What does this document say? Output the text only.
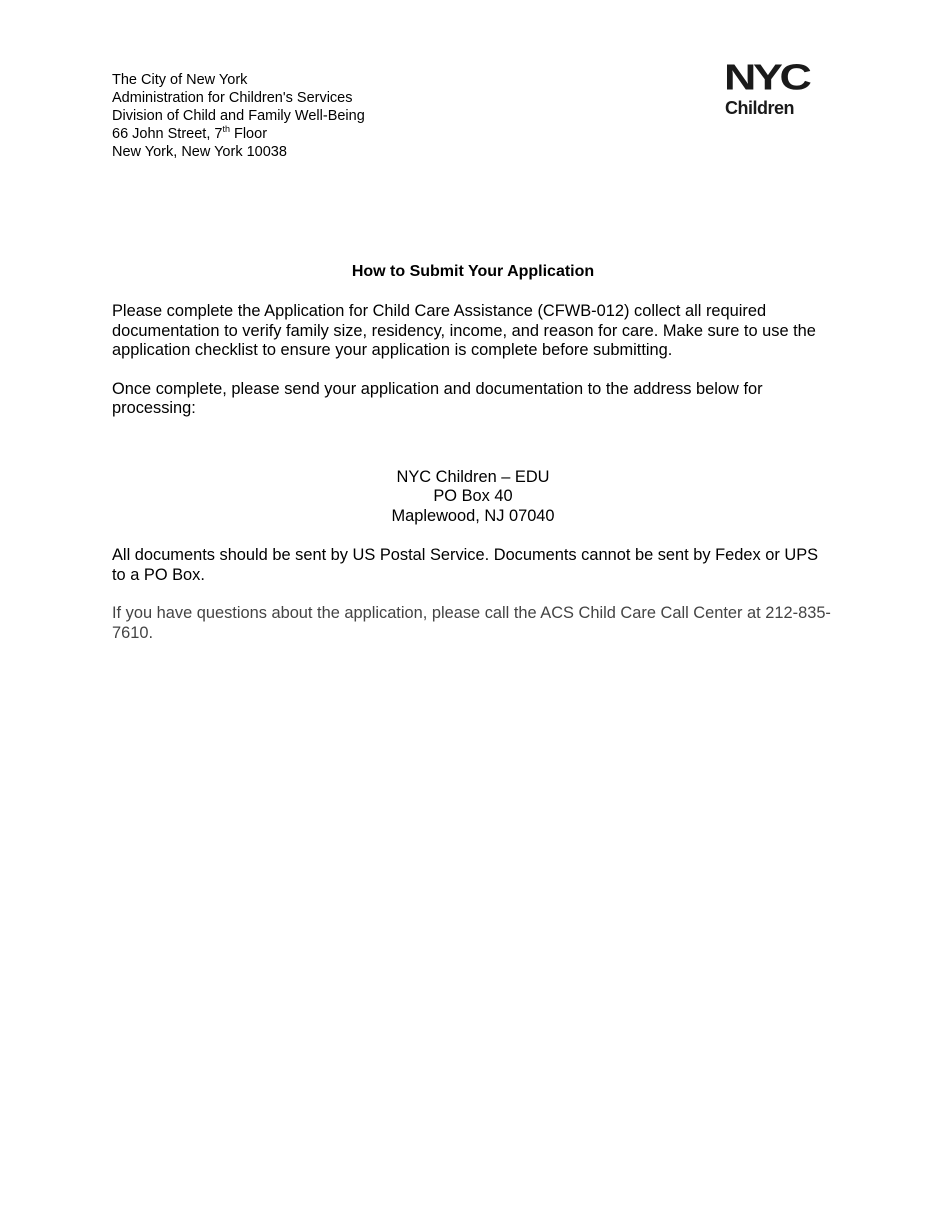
The City of New York
Administration for Children's Services
Division of Child and Family Well-Being
66 John Street, 7th Floor
New York, New York 10038
NYC
Children
How to Submit Your Application

Please complete the Application for Child Care Assistance (CFWB-012) collect all required documentation to verify family size, residency, income, and reason for care. Make sure to use the application checklist to ensure your application is complete before submitting.

Once complete, please send your application and documentation to the address below for processing:

NYC Children – EDU
PO Box 40
Maplewood, NJ 07040

All documents should be sent by US Postal Service. Documents cannot be sent by Fedex or UPS to a PO Box.

If you have questions about the application, please call the ACS Child Care Call Center at 212-835-7610.
